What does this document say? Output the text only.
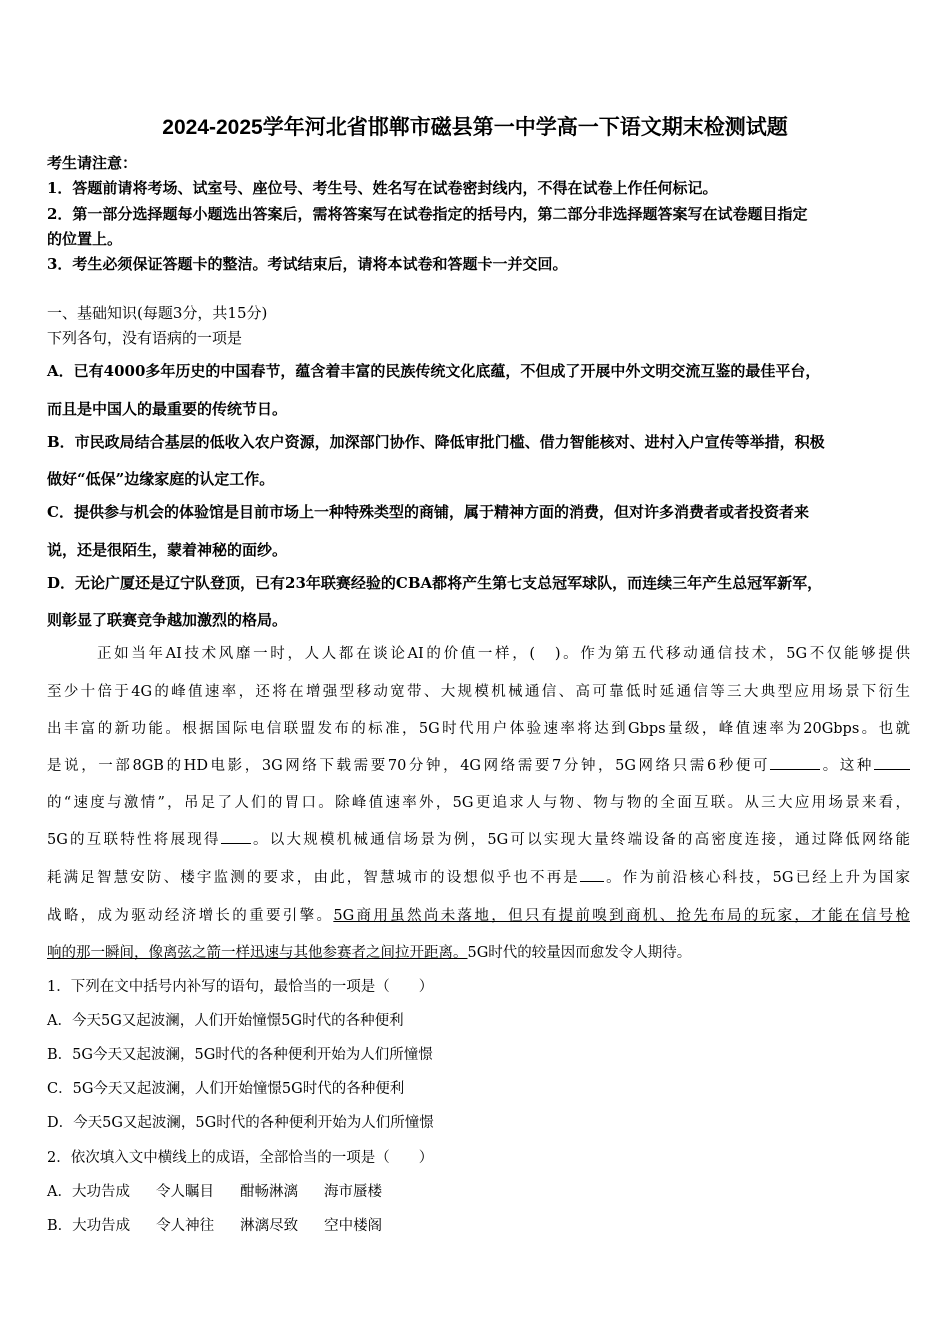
2024-2025学年河北省邯郸市磁县第一中学高一下语文期末检测试题
考生请注意：
1．答题前请将考场、试室号、座位号、考生号、姓名写在试卷密封线内，不得在试卷上作任何标记。
2．第一部分选择题每小题选出答案后，需将答案写在试卷指定的括号内，第二部分非选择题答案写在试卷题目指定
的位置上。
3．考生必须保证答题卡的整洁。考试结束后，请将本试卷和答题卡一并交回。
一、基础知识(每题3分，共15分)
下列各句，没有语病的一项是
A．已有4000多年历史的中国春节，蕴含着丰富的民族传统文化底蕴，不但成了开展中外文明交流互鉴的最佳平台，
而且是中国人的最重要的传统节日。
B．市民政局结合基层的低收入农户资源，加深部门协作、降低审批门槛、借力智能核对、进村入户宣传等举措，积极
做好“低保”边缘家庭的认定工作。
C．提供参与机会的体验馆是目前市场上一种特殊类型的商铺，属于精神方面的消费，但对许多消费者或者投资者来
说，还是很陌生，蒙着神秘的面纱。
D．无论广厦还是辽宁队登顶，已有23年联赛经验的CBA都将产生第七支总冠军球队，而连续三年产生总冠军新军，
则彰显了联赛竞争越加激烈的格局。
正如当年AI技术风靡一时，人人都在谈论AI的价值一样，(　)。作为第五代移动通信技术，5G不仅能够提供
至少十倍于4G的峰值速率，还将在增强型移动宽带、大规模机械通信、高可靠低时延通信等三大典型应用场景下衍生
出丰富的新功能。根据国际电信联盟发布的标准，5G时代用户体验速率将达到Gbps量级，峰值速率为20Gbps。也就
是说，一部8GB的HD电影，3G网络下载需要70分钟，4G网络需要7分钟，5G网络只需6秒便可	。这种
的“速度与激情”，吊足了人们的胃口。除峰值速率外，5G更追求人与物、物与物的全面互联。从三大应用场景来看，
5G的互联特性将展现得 。以大规模机械通信场景为例，5G可以实现大量终端设备的高密度连接，通过降低网络能
耗满足智慧安防、楼宇监测的要求，由此，智慧城市的设想似乎也不再是 。作为前沿核心科技，5G已经上升为国家
战略，成为驱动经济增长的重要引擎。5G商用虽然尚未落地，但只有提前嗅到商机、抢先布局的玩家，才能在信号枪
响的那一瞬间，像离弦之箭一样迅速与其他参赛者之间拉开距离。5G时代的较量因而愈发令人期待。
1．下列在文中括号内补写的语句，最恰当的一项是（　　）
A．今天5G又起波澜，人们开始憧憬5G时代的各种便利
B．5G今天又起波澜，5G时代的各种便利开始为人们所憧憬
C．5G今天又起波澜，人们开始憧憬5G时代的各种便利
D．今天5G又起波澜，5G时代的各种便利开始为人们所憧憬
2．依次填入文中横线上的成语，全部恰当的一项是（　　）
A．大功告成 令人瞩目 酣畅淋漓 海市蜃楼
B．大功告成 令人神往 淋漓尽致 空中楼阁
